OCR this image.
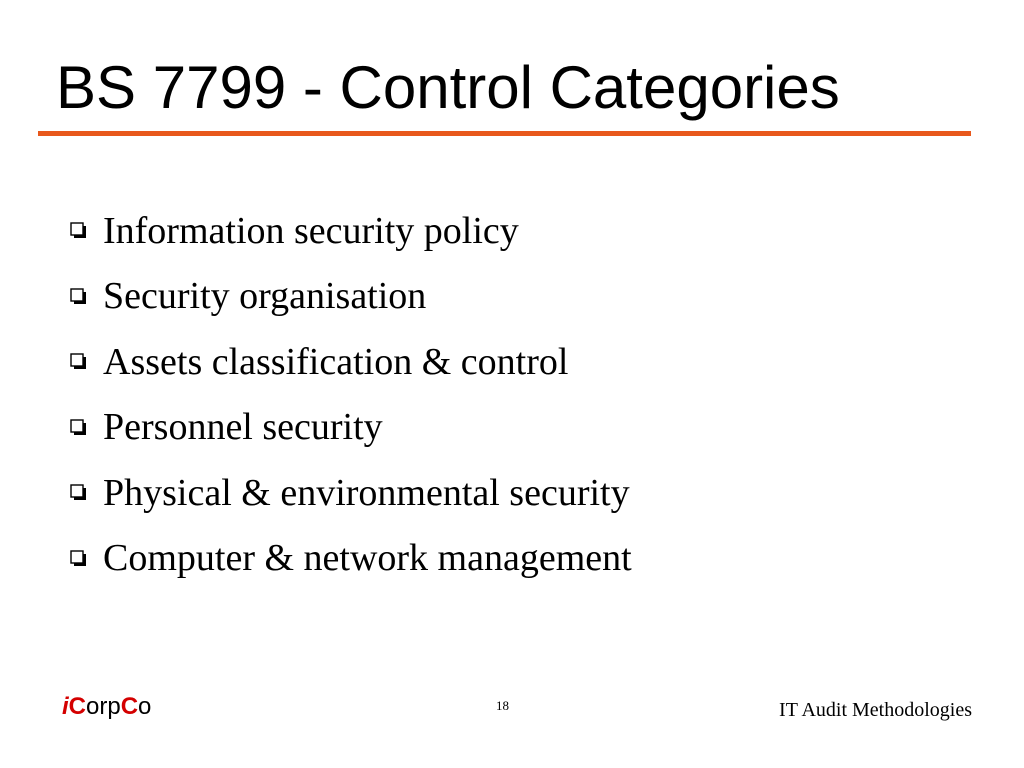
BS 7799 - Control Categories
Information security policy
Security organisation
Assets classification & control
Personnel security
Physical & environmental security
Computer & network management
iCorpCo	18	IT Audit Methodologies
